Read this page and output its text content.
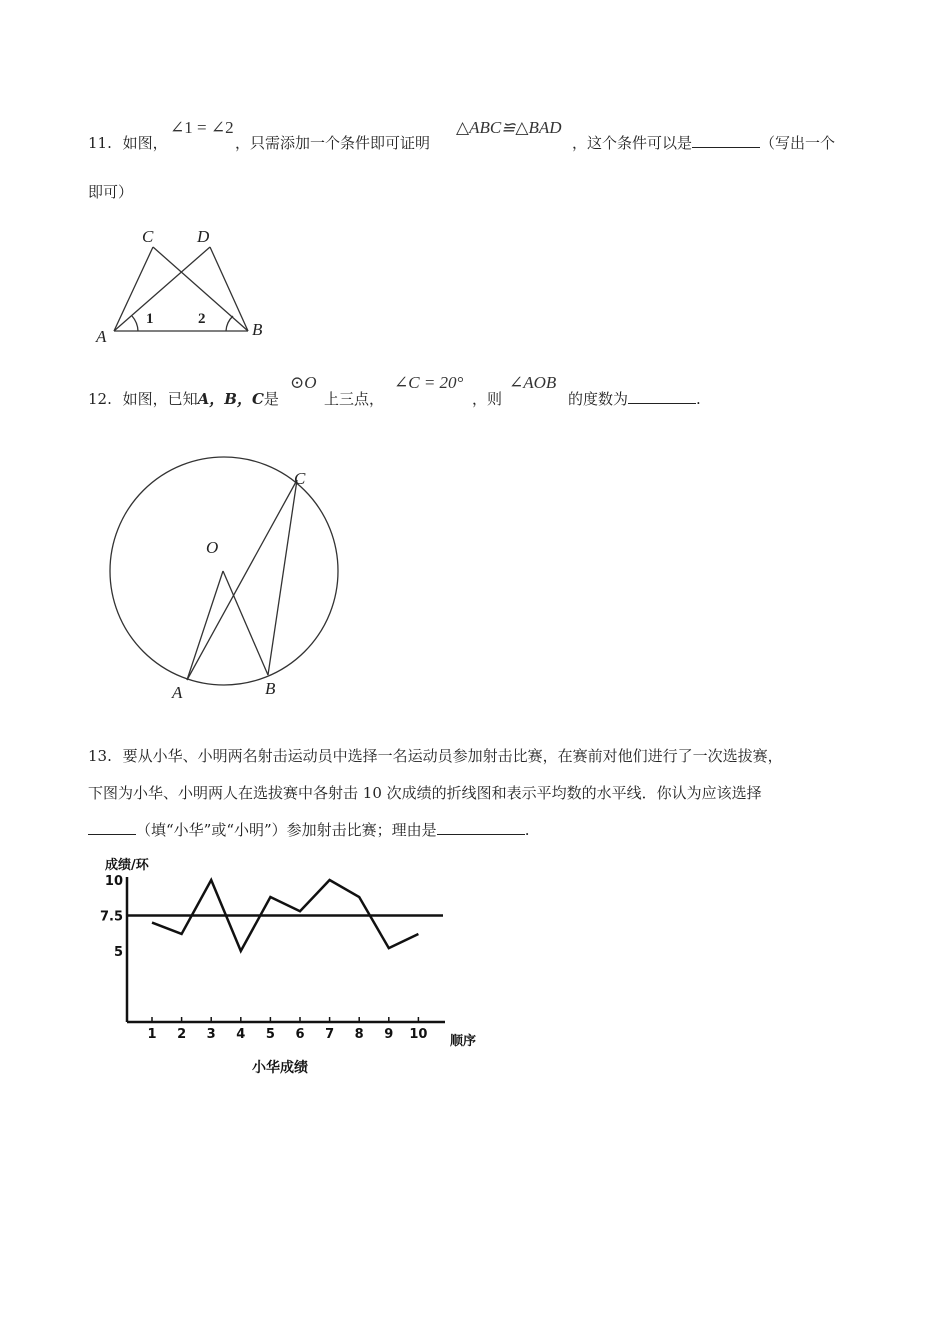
11. 如图，
∠1 = ∠2
，只需添加一个条件即可证明
△ABC≌△BAD
，这个条件可以是	（写出一个
即可）
C	D
A	B
1	2
12. 如图，已知A，B，C是
⊙O
上三点，
∠C = 20°
，则
∠AOB
的度数为	.
O
A	B
C
13. 要从小华、小明两名射击运动员中选择一名运动员参加射击比赛，在赛前对他们进行了一次选拔赛，
下图为小华、小明两人在选拔赛中各射击 10 次成绩的折线图和表示平均数的水平线．你认为应该选择
（填“小华”或“小明”）参加射击比赛；理由是	.
成绩/环
顺序
小华成绩
1 2 3 4 5 6 7 8 9 10
5
7.5
10
